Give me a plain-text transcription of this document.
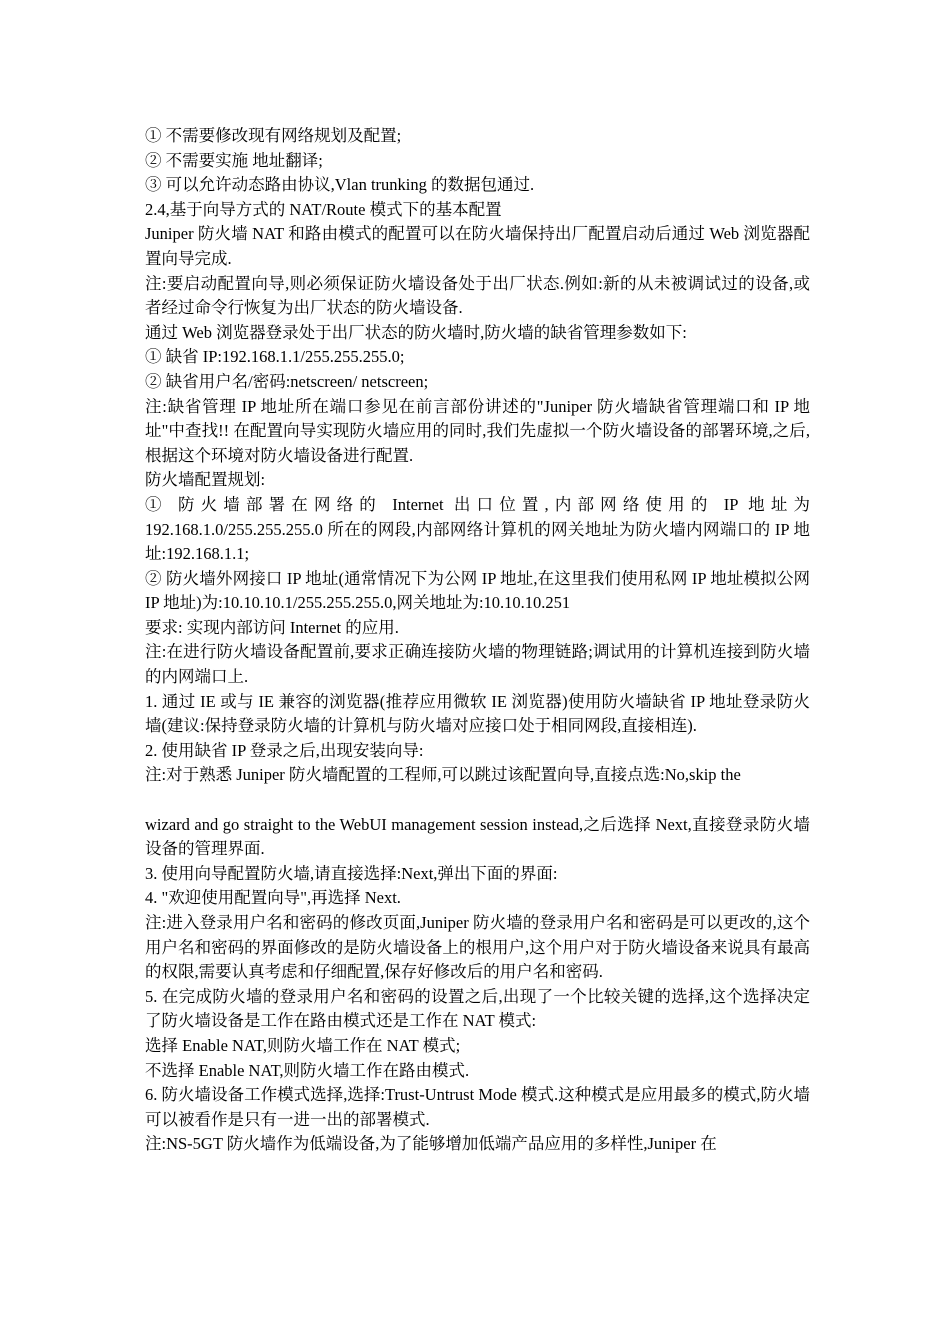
① 不需要修改现有网络规划及配置;

② 不需要实施 地址翻译;

③ 可以允许动态路由协议,Vlan trunking 的数据包通过.

2.4,基于向导方式的 NAT/Route 模式下的基本配置

Juniper 防火墙 NAT 和路由模式的配置可以在防火墙保持出厂配置启动后通过 Web 浏览器配置向导完成.

注:要启动配置向导,则必须保证防火墙设备处于出厂状态.例如:新的从未被调试过的设备,或者经过命令行恢复为出厂状态的防火墙设备.

通过 Web 浏览器登录处于出厂状态的防火墙时,防火墙的缺省管理参数如下:

① 缺省 IP:192.168.1.1/255.255.255.0;

② 缺省用户名/密码:netscreen/ netscreen;

注:缺省管理 IP 地址所在端口参见在前言部份讲述的"Juniper 防火墙缺省管理端口和 IP 地址"中查找!! 在配置向导实现防火墙应用的同时,我们先虚拟一个防火墙设备的部署环境,之后,根据这个环境对防火墙设备进行配置.

防火墙配置规划:

① 防火墙部署在网络的 Internet 出口位置,内部网络使用的 IP 地址为 192.168.1.0/255.255.255.0 所在的网段,内部网络计算机的网关地址为防火墙内网端口的 IP 地址:192.168.1.1;

② 防火墙外网接口 IP 地址(通常情况下为公网 IP 地址,在这里我们使用私网 IP 地址模拟公网 IP 地址)为:10.10.10.1/255.255.255.0,网关地址为:10.10.10.251

要求: 实现内部访问 Internet 的应用.

注:在进行防火墙设备配置前,要求正确连接防火墙的物理链路;调试用的计算机连接到防火墙的内网端口上.

1. 通过 IE 或与 IE 兼容的浏览器(推荐应用微软 IE 浏览器)使用防火墙缺省 IP 地址登录防火墙(建议:保持登录防火墙的计算机与防火墙对应接口处于相同网段,直接相连).

2. 使用缺省 IP 登录之后,出现安装向导:

注:对于熟悉 Juniper 防火墙配置的工程师,可以跳过该配置向导,直接点选:No,skip the

wizard and go straight to the WebUI management session instead,之后选择 Next,直接登录防火墙设备的管理界面.

3. 使用向导配置防火墙,请直接选择:Next,弹出下面的界面:

4. "欢迎使用配置向导",再选择 Next.

注:进入登录用户名和密码的修改页面,Juniper 防火墙的登录用户名和密码是可以更改的,这个用户名和密码的界面修改的是防火墙设备上的根用户,这个用户对于防火墙设备来说具有最高的权限,需要认真考虑和仔细配置,保存好修改后的用户名和密码.

5. 在完成防火墙的登录用户名和密码的设置之后,出现了一个比较关键的选择,这个选择决定了防火墙设备是工作在路由模式还是工作在 NAT 模式:

选择 Enable NAT,则防火墙工作在 NAT 模式;

不选择 Enable NAT,则防火墙工作在路由模式.

6. 防火墙设备工作模式选择,选择:Trust-Untrust Mode 模式.这种模式是应用最多的模式,防火墙可以被看作是只有一进一出的部署模式.

注:NS-5GT 防火墙作为低端设备,为了能够增加低端产品应用的多样性,Juniper 在
